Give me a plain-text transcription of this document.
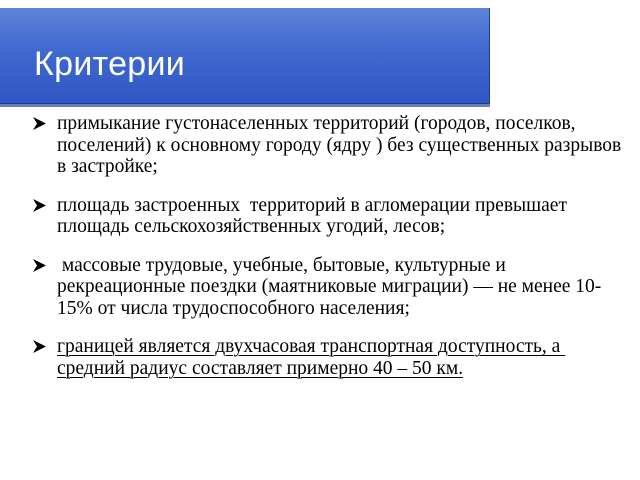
Критерии
примыкание густонаселенных территорий (городов, поселков, поселений) к основному городу (ядру ) без существенных разрывов в застройке;
площадь застроенных  территорий в агломерации превышает площадь сельскохозяйственных угодий, лесов;
массовые трудовые, учебные, бытовые, культурные и рекреационные поездки (маятниковые миграции) — не менее 10-15% от числа трудоспособного населения;
границей является двухчасовая транспортная доступность, а средний радиус составляет примерно 40 – 50 км.
